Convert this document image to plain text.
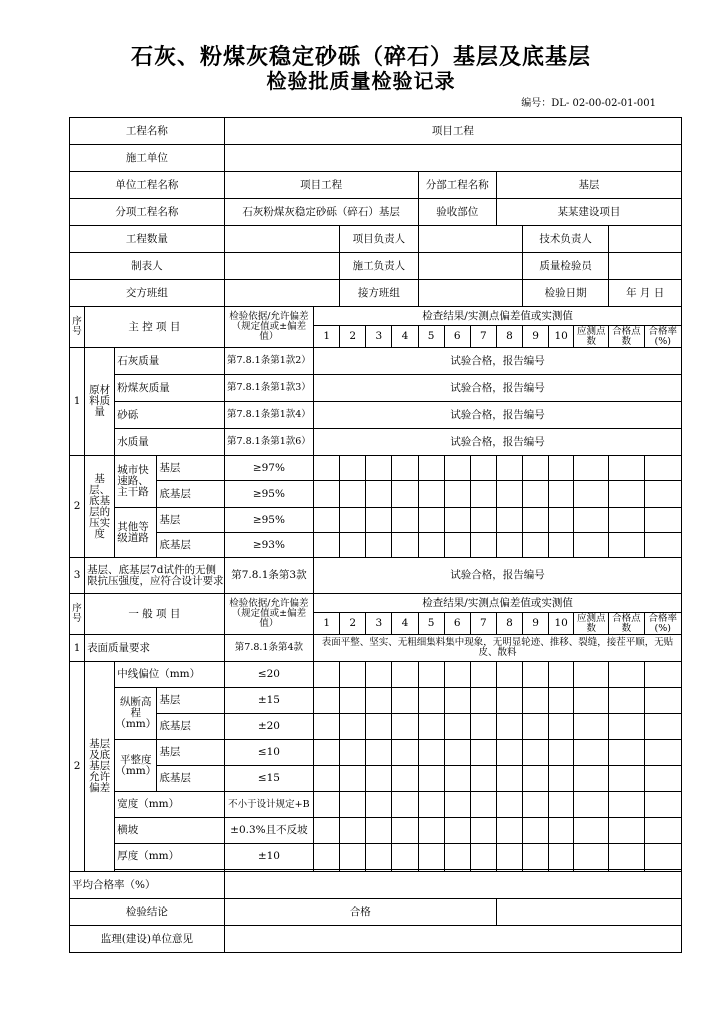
石灰、粉煤灰稳定砂砾（碎石）基层及底基层
检验批质量检验记录
编号：DL- 02-00-02-01-001
工程名称				项目工程													
施工单位																	
单位工程名称				项目工程					分部工程名称			基层					
分项工程名称				石灰粉煤灰稳定砂砾（碎石）基层					验收部位			某某建设项目					
工程数量						项目负责人							技术负责人				
制表人						施工负责人							质量检验员				
交方班组						接方班组							检验日期			年 月 日	
序号	主 控 项 目			检验依据/允许偏差（规定值或±偏差值）	检查结果/实测点偏差值或实测值												
					1	2	3	4	5	6	7	8	9	10	应测点数	合格点数	合格率(%)
1	原材料质量	石灰质量		第7.8.1条第1款2）	试验合格，报告编号												
		粉煤灰质量		第7.8.1条第1款3）	试验合格，报告编号												
		砂砾		第7.8.1条第1款4）	试验合格，报告编号												
		水质量		第7.8.1条第1款6）	试验合格，报告编号												
2	基层、底基层的压实度	城市快速路、主干路	基层	≥97%													
			底基层	≥95%													
		其他等级道路	基层	≥95%													
			底基层	≥93%													
3	基层、底基层7d试件的无侧限抗压强度，应符合设计要求			第7.8.1条第3款	试验合格，报告编号												
序号	一 般 项 目			检验依据/允许偏差（规定值或±偏差值）	检查结果/实测点偏差值或实测值												
					1	2	3	4	5	6	7	8	9	10	应测点数	合格点数	合格率(%)
1	表面质量要求			第7.8.1条第4款	表面平整、坚实、无粗细集料集中现象，无明显轮迹、推移、裂缝，接茬平顺，无贴皮、散料												
2	基层及底基层允许偏差	中线偏位（mm）		≤20													
		纵断高程（mm）	基层	±15													
			底基层	±20													
		平整度（mm）	基层	≤10													
			底基层	≤15													
		宽度（mm）		不小于设计规定+B													
		横坡		±0.3%且不反坡													
		厚度（mm）		±10													

平均合格率（%）																	
检验结论				合格													
监理(建设)单位意见																	
